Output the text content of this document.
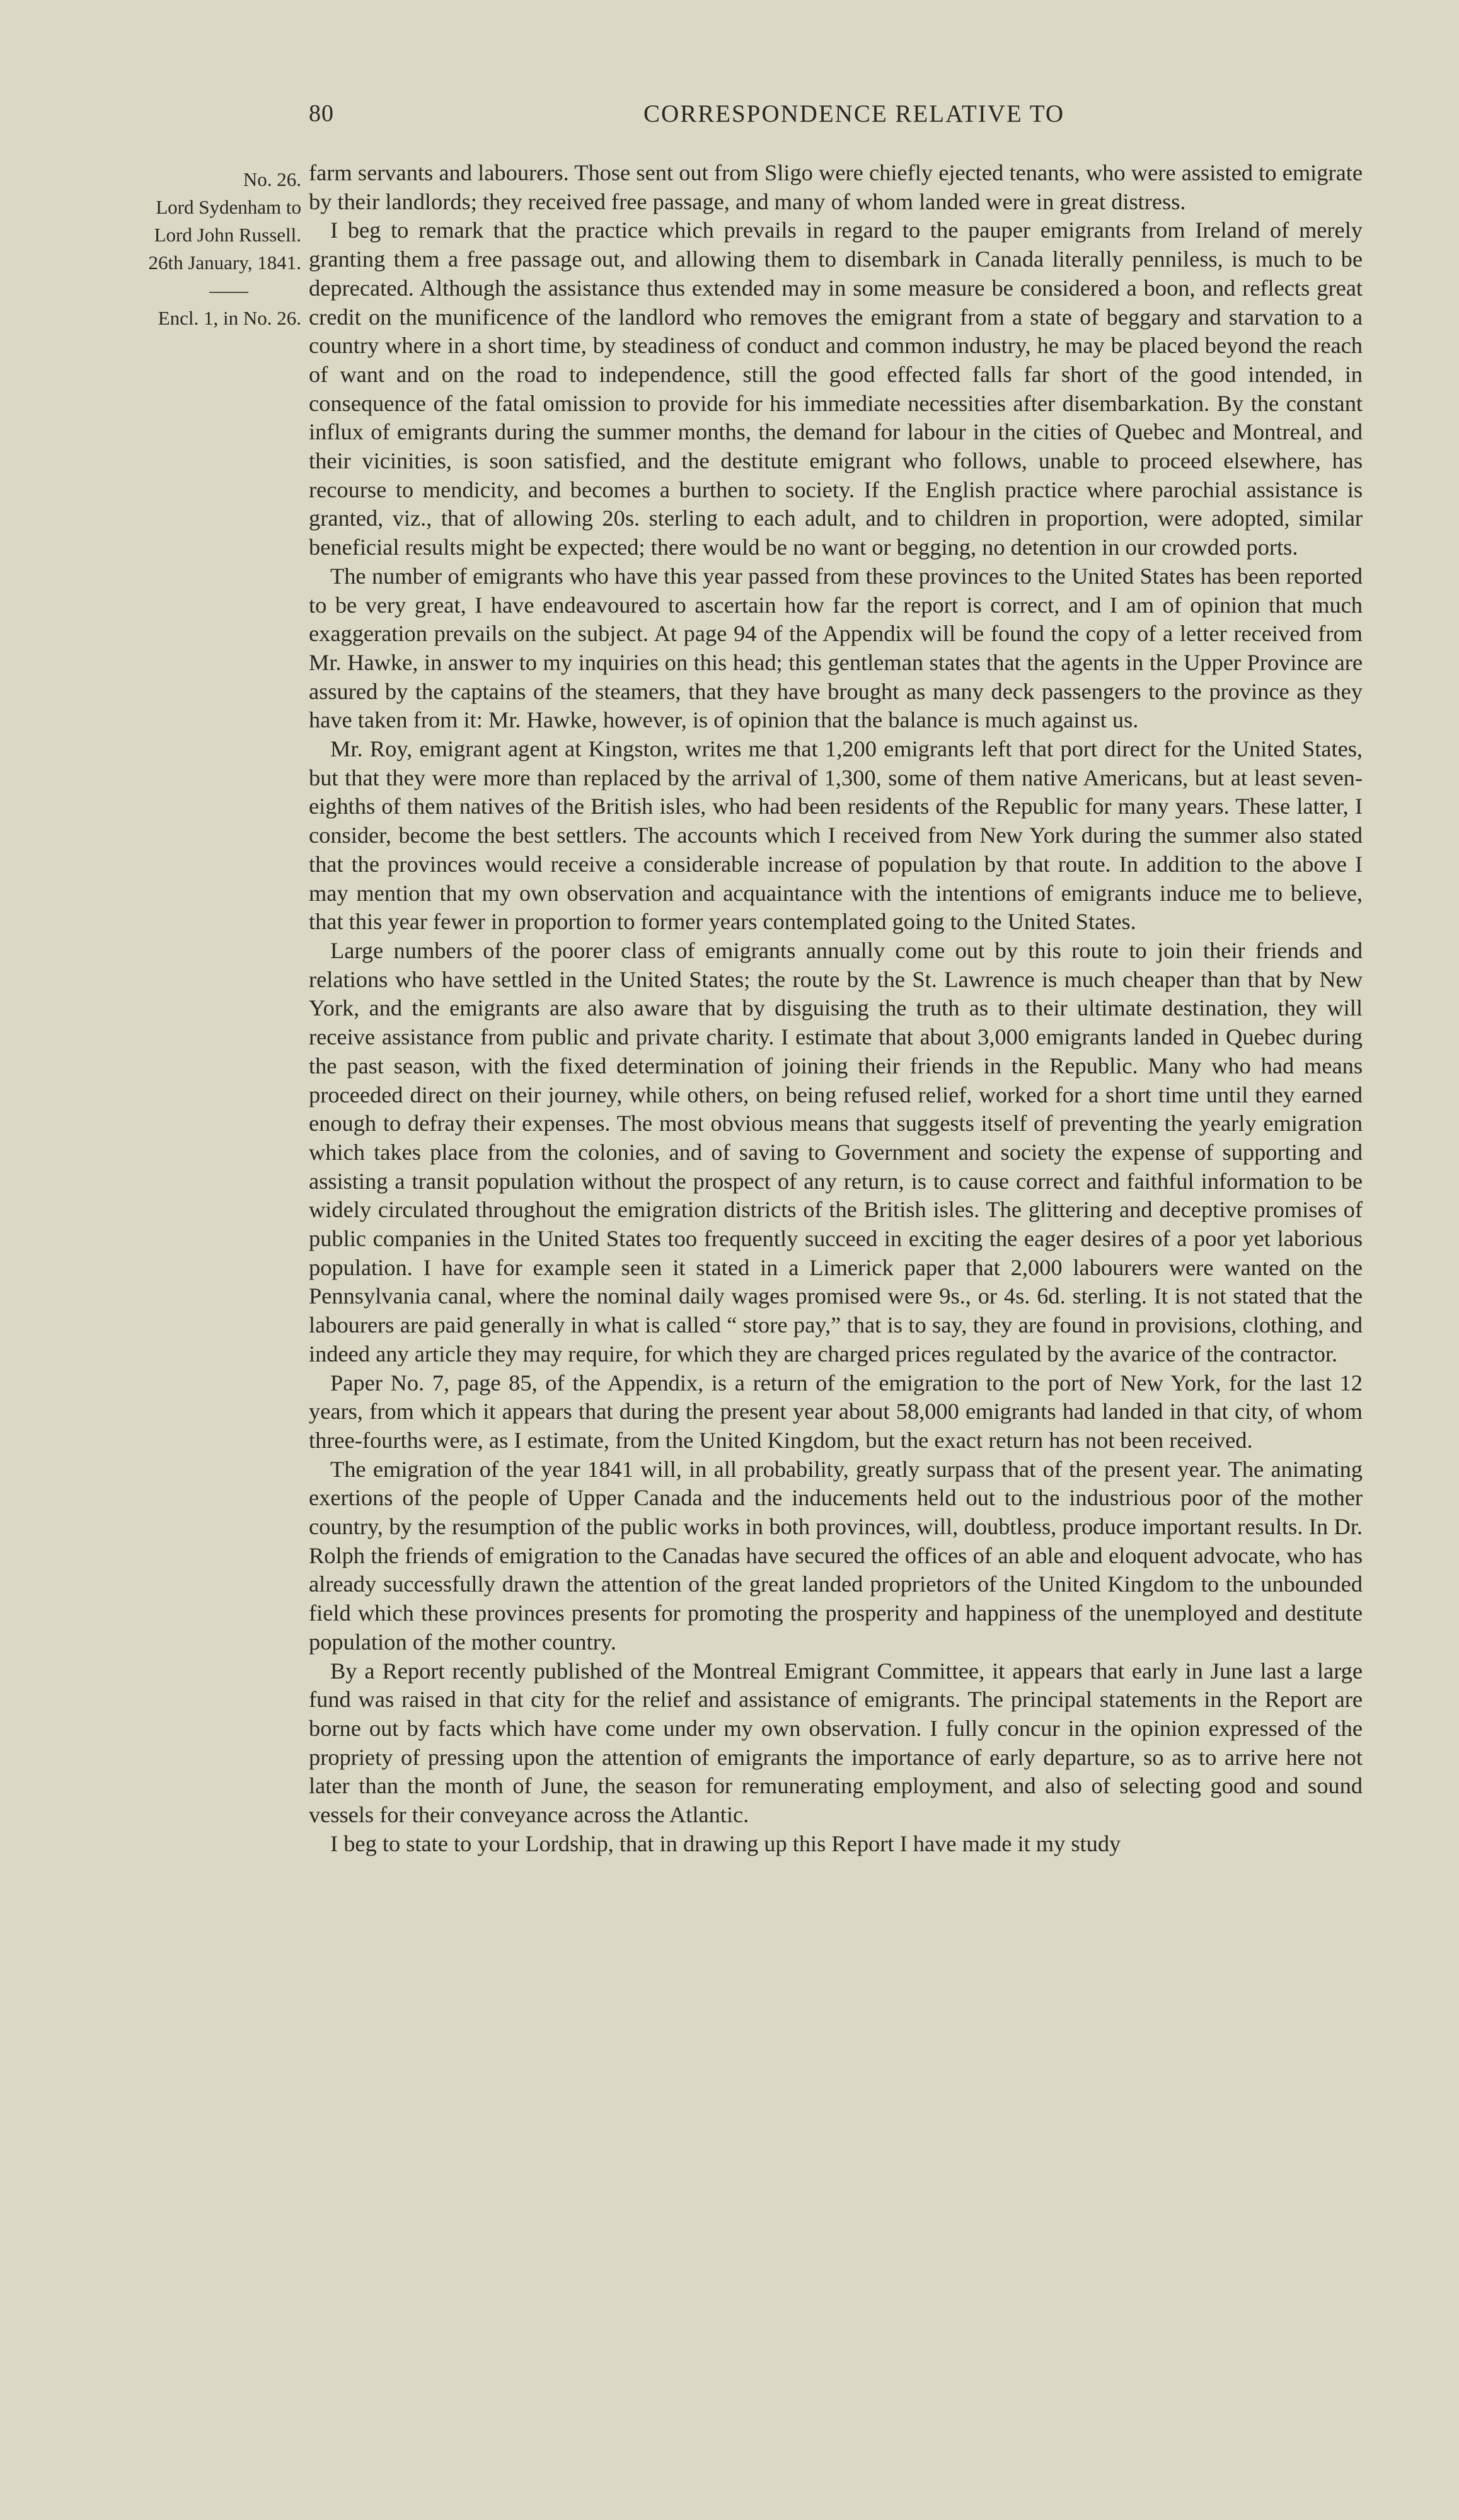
80	CORRESPONDENCE RELATIVE TO
No. 26.
Lord Sydenham to
Lord John Russell.
26th January, 1841.
——
Encl. 1, in No. 26.

farm servants and labourers. Those sent out from Sligo were chiefly ejected tenants, who were assisted to emigrate by their landlords; they received free passage, and many of whom landed were in great distress.

I beg to remark that the practice which prevails in regard to the pauper emigrants from Ireland of merely granting them a free passage out, and allowing them to disembark in Canada literally penniless, is much to be deprecated. Although the assistance thus extended may in some measure be considered a boon, and reflects great credit on the munificence of the landlord who removes the emigrant from a state of beggary and starvation to a country where in a short time, by steadiness of conduct and common industry, he may be placed beyond the reach of want and on the road to independence, still the good effected falls far short of the good intended, in consequence of the fatal omission to provide for his immediate necessities after disembarkation. By the constant influx of emigrants during the summer months, the demand for labour in the cities of Quebec and Montreal, and their vicinities, is soon satisfied, and the destitute emigrant who follows, unable to proceed elsewhere, has recourse to mendicity, and becomes a burthen to society. If the English practice where parochial assistance is granted, viz., that of allowing 20s. sterling to each adult, and to children in proportion, were adopted, similar beneficial results might be expected; there would be no want or begging, no detention in our crowded ports.

The number of emigrants who have this year passed from these provinces to the United States has been reported to be very great, I have endeavoured to ascertain how far the report is correct, and I am of opinion that much exaggeration prevails on the subject. At page 94 of the Appendix will be found the copy of a letter received from Mr. Hawke, in answer to my inquiries on this head; this gentleman states that the agents in the Upper Province are assured by the captains of the steamers, that they have brought as many deck passengers to the province as they have taken from it: Mr. Hawke, however, is of opinion that the balance is much against us.

Mr. Roy, emigrant agent at Kingston, writes me that 1,200 emigrants left that port direct for the United States, but that they were more than replaced by the arrival of 1,300, some of them native Americans, but at least seven-eighths of them natives of the British isles, who had been residents of the Republic for many years. These latter, I consider, become the best settlers. The accounts which I received from New York during the summer also stated that the provinces would receive a considerable increase of population by that route. In addition to the above I may mention that my own observation and acquaintance with the intentions of emigrants induce me to believe, that this year fewer in proportion to former years contemplated going to the United States.

Large numbers of the poorer class of emigrants annually come out by this route to join their friends and relations who have settled in the United States; the route by the St. Lawrence is much cheaper than that by New York, and the emigrants are also aware that by disguising the truth as to their ultimate destination, they will receive assistance from public and private charity. I estimate that about 3,000 emigrants landed in Quebec during the past season, with the fixed determination of joining their friends in the Republic. Many who had means proceeded direct on their journey, while others, on being refused relief, worked for a short time until they earned enough to defray their expenses. The most obvious means that suggests itself of preventing the yearly emigration which takes place from the colonies, and of saving to Government and society the expense of supporting and assisting a transit population without the prospect of any return, is to cause correct and faithful information to be widely circulated throughout the emigration districts of the British isles. The glittering and deceptive promises of public companies in the United States too frequently succeed in exciting the eager desires of a poor yet laborious population. I have for example seen it stated in a Limerick paper that 2,000 labourers were wanted on the Pennsylvania canal, where the nominal daily wages promised were 9s., or 4s. 6d. sterling. It is not stated that the labourers are paid generally in what is called “ store pay,” that is to say, they are found in provisions, clothing, and indeed any article they may require, for which they are charged prices regulated by the avarice of the contractor.

Paper No. 7, page 85, of the Appendix, is a return of the emigration to the port of New York, for the last 12 years, from which it appears that during the present year about 58,000 emigrants had landed in that city, of whom three-fourths were, as I estimate, from the United Kingdom, but the exact return has not been received.

The emigration of the year 1841 will, in all probability, greatly surpass that of the present year. The animating exertions of the people of Upper Canada and the inducements held out to the industrious poor of the mother country, by the resumption of the public works in both provinces, will, doubtless, produce important results. In Dr. Rolph the friends of emigration to the Canadas have secured the offices of an able and eloquent advocate, who has already successfully drawn the attention of the great landed proprietors of the United Kingdom to the unbounded field which these provinces presents for promoting the prosperity and happiness of the unemployed and destitute population of the mother country.

By a Report recently published of the Montreal Emigrant Committee, it appears that early in June last a large fund was raised in that city for the relief and assistance of emigrants. The principal statements in the Report are borne out by facts which have come under my own observation. I fully concur in the opinion expressed of the propriety of pressing upon the attention of emigrants the importance of early departure, so as to arrive here not later than the month of June, the season for remunerating employment, and also of selecting good and sound vessels for their conveyance across the Atlantic.

I beg to state to your Lordship, that in drawing up this Report I have made it my study
